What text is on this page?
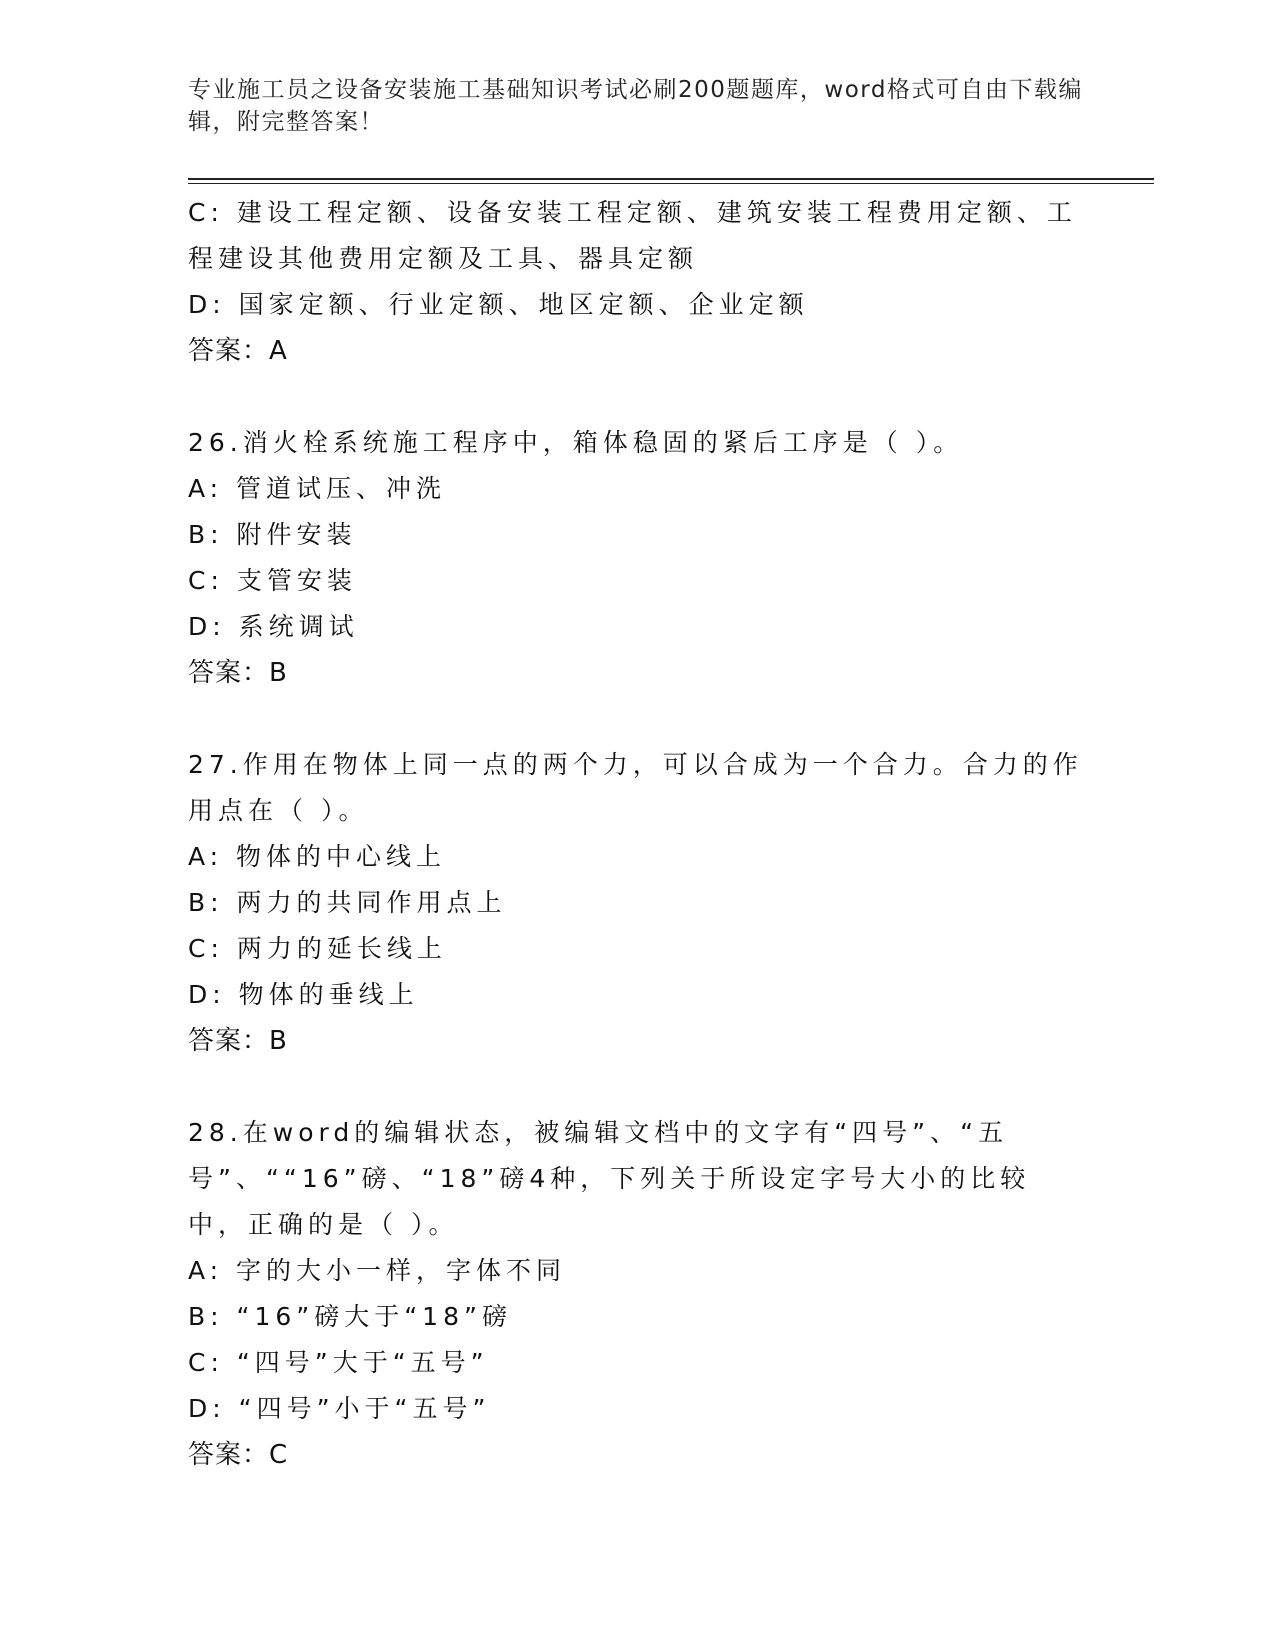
专业施工员之设备安装施工基础知识考试必刷200题题库，word格式可自由下载编辑，附完整答案！
C: 建设工程定额、设备安装工程定额、建筑安装工程费用定额、工程建设其他费用定额及工具、器具定额
D: 国家定额、行业定额、地区定额、企业定额
答案：A
26.消火栓系统施工程序中，箱体稳固的紧后工序是（ ）。
A: 管道试压、冲洗
B: 附件安装
C: 支管安装
D: 系统调试
答案：B
27.作用在物体上同一点的两个力，可以合成为一个合力。合力的作用点在（ ）。
A: 物体的中心线上
B: 两力的共同作用点上
C: 两力的延长线上
D: 物体的垂线上
答案：B
28.在word的编辑状态，被编辑文档中的文字有“四号”、“五号”、““16”磅、“18”磅4种，下列关于所设定字号大小的比较中，正确的是（ ）。
A: 字的大小一样，字体不同
B: “16”磅大于“18”磅
C: “四号”大于“五号”
D: “四号”小于“五号”
答案：C
